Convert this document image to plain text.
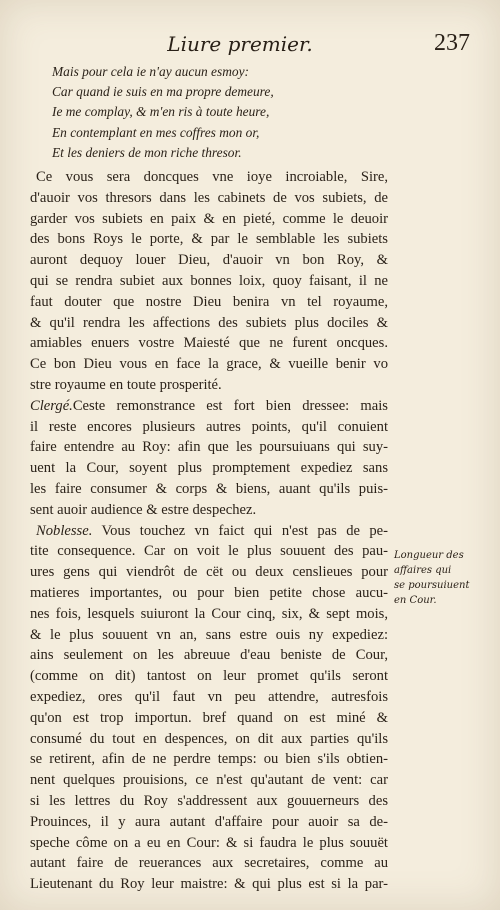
Liure premier.	237
Mais pour cela ie n'ay aucun esmoy:
Car quand ie suis en ma propre demeure,
Ie me complay, & m'en ris à toute heure,
En contemplant en mes coffres mon or,
Et les deniers de mon riche thresor.
Ce vous sera doncques vne ioye incroiable, Sire,
d'auoir vos thresors dans les cabinets de vos subiets, de
garder vos subiets en paix & en pieté, comme le deuoir
des bons Roys le porte, & par le semblable les subiets
auront dequoy louer Dieu, d'auoir vn bon Roy, &
qui se rendra subiet aux bonnes loix, quoy faisant, il ne
faut douter que nostre Dieu benira vn tel royaume,
& qu'il rendra les affections des subiets plus dociles &
amiables enuers vostre Maiesté que ne furent oncques.
Ce bon Dieu vous en face la grace, & vueille benir vo
stre royaume en toute prosperité.
Clergé.Ceste remonstrance est fort bien dressee: mais
il reste encores plusieurs autres points, qu'il conuient
faire entendre au Roy: afin que les poursuiuans qui suy-
uent la Cour, soyent plus promptement expediez sans
les faire consumer & corps & biens, auant qu'ils puis-
sent auoir audience & estre despechez.
Noblesse. Vous touchez vn faict qui n'est pas de pe-
tite consequence. Car on voit le plus souuent des pau-
ures gens qui viendrôt de cët ou deux censlieues pour
matieres importantes, ou pour bien petite chose aucu-
nes fois, lesquels suiuront la Cour cinq, six, & sept mois,
& le plus souuent vn an, sans estre ouis ny expediez:
ains seulement on les abreuue d'eau beniste de Cour,
(comme on dit) tantost on leur promet qu'ils seront
expediez, ores qu'il faut vn peu attendre, autresfois
qu'on est trop importun. bref quand on est miné &
consumé du tout en despences, on dit aux parties qu'ils
se retirent, afin de ne perdre temps: ou bien s'ils obtien-
nent quelques prouisions, ce n'est qu'autant de vent: car
si les lettres du Roy s'addressent aux gouuerneurs des
Prouinces, il y aura autant d'affaire pour auoir sa de-
speche côme on a eu en Cour: & si faudra le plus souuët
autant faire de reuerances aux secretaires, comme au
Lieutenant du Roy leur maistre: & qui plus est si la par-
Longueur des
affaires qui
se poursuiuent
en Cour.
